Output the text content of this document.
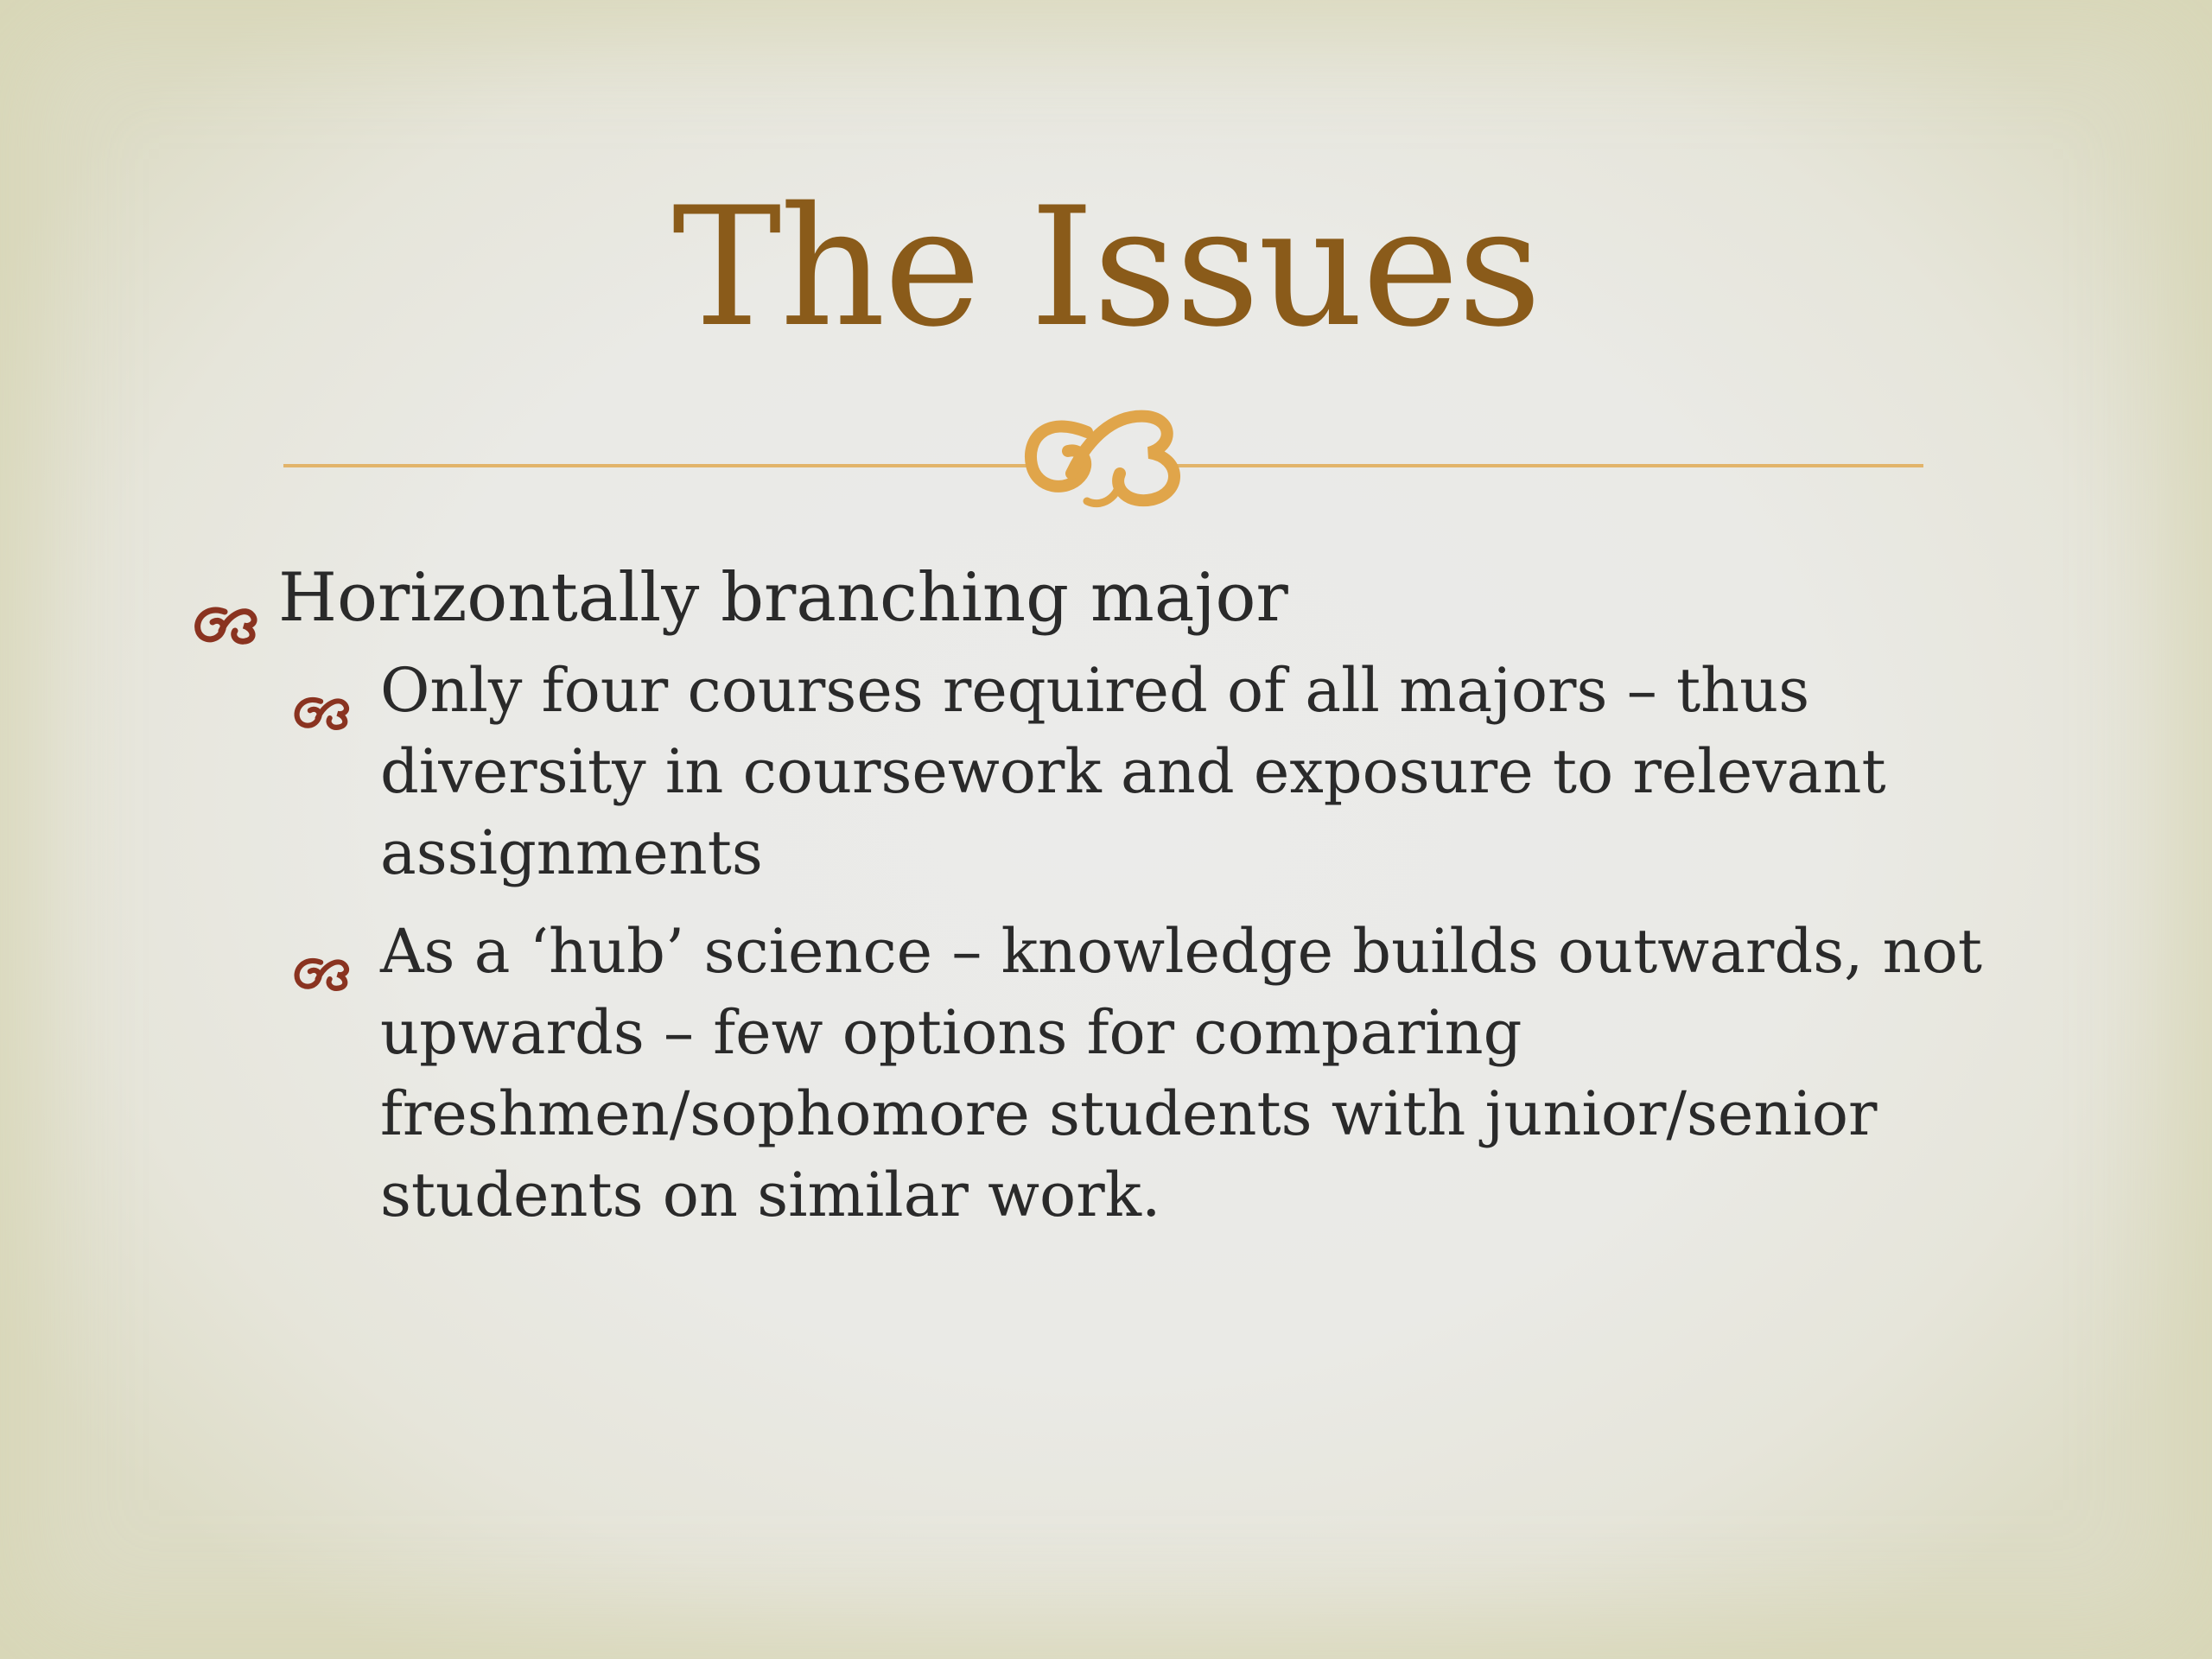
The Issues
Horizontally branching major
Only four courses required of all majors – thus diversity in coursework and exposure to relevant assignments
As a ‘hub’ science – knowledge builds outwards, not upwards – few options for comparing freshmen/sophomore students with junior/senior students on similar work.
